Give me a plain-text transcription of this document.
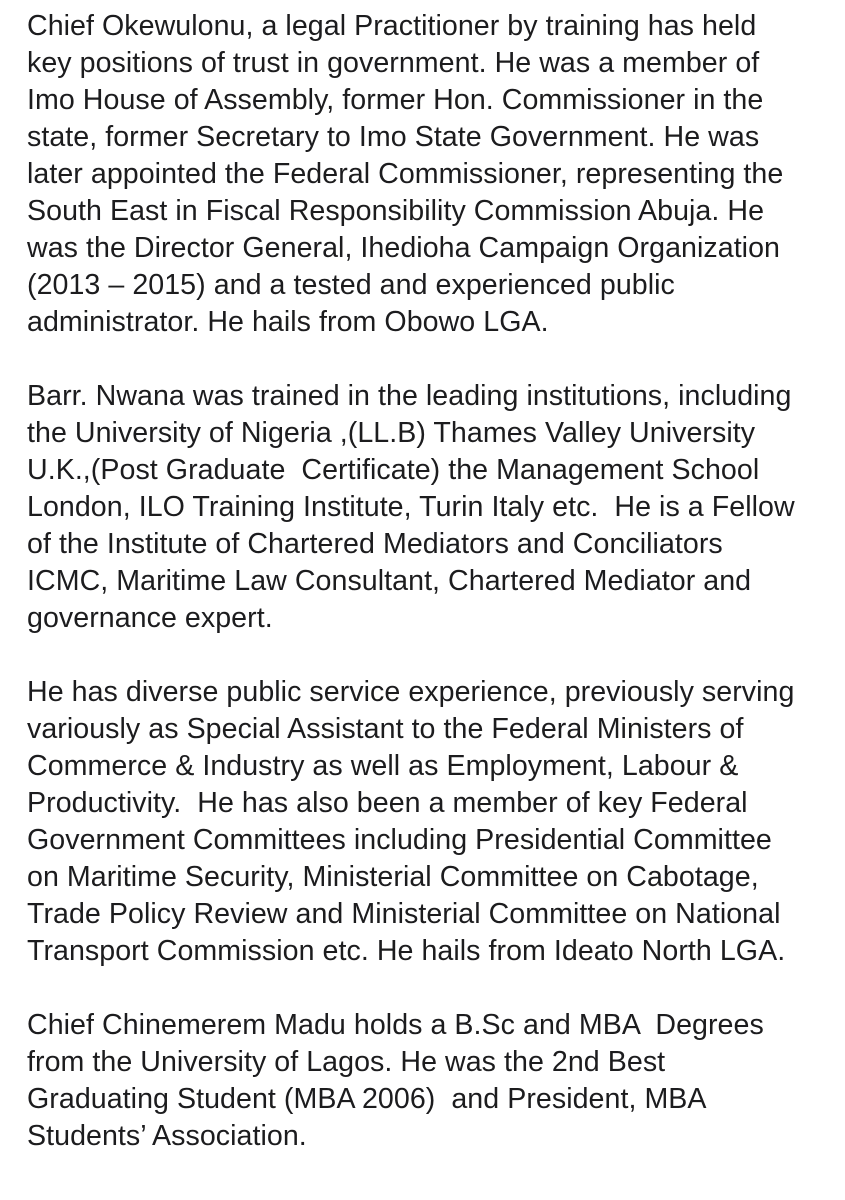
Chief Okewulonu, a legal Practitioner by training has held
key positions of trust in government. He was a member of
Imo House of Assembly, former Hon. Commissioner in the
state, former Secretary to Imo State Government. He was
later appointed the Federal Commissioner, representing the
South East in Fiscal Responsibility Commission Abuja. He
was the Director General, Ihedioha Campaign Organization
(2013 – 2015) and a tested and experienced public
administrator. He hails from Obowo LGA.
Barr. Nwana was trained in the leading institutions, including
the University of Nigeria ,(LL.B) Thames Valley University
U.K.,(Post Graduate  Certificate) the Management School
London, ILO Training Institute, Turin Italy etc.  He is a Fellow
of the Institute of Chartered Mediators and Conciliators
ICMC, Maritime Law Consultant, Chartered Mediator and
governance expert.
He has diverse public service experience, previously serving
variously as Special Assistant to the Federal Ministers of
Commerce & Industry as well as Employment, Labour &
Productivity.  He has also been a member of key Federal
Government Committees including Presidential Committee
on Maritime Security, Ministerial Committee on Cabotage,
Trade Policy Review and Ministerial Committee on National
Transport Commission etc. He hails from Ideato North LGA.
Chief Chinemerem Madu holds a B.Sc and MBA  Degrees
from the University of Lagos. He was the 2nd Best
Graduating Student (MBA 2006)  and President, MBA
Students’ Association.
